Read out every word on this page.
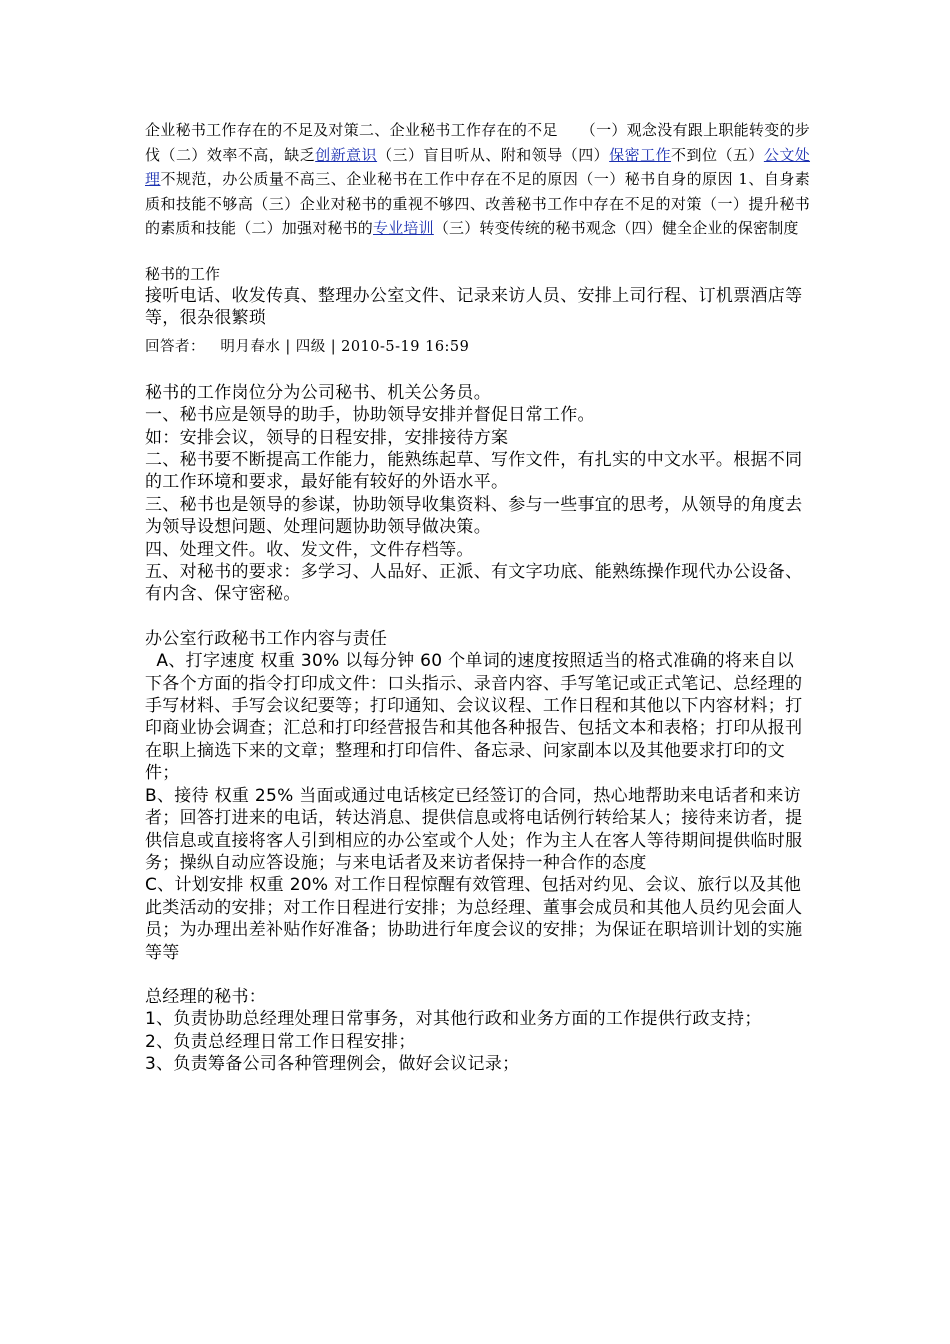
企业秘书工作存在的不足及对策二、企业秘书工作存在的不足　　（一）观念没有跟上职能转变的步伐（二）效率不高，缺乏创新意识（三）盲目听从、附和领导（四）保密工作不到位（五）公文处理不规范，办公质量不高三、企业秘书在工作中存在不足的原因（一）秘书自身的原因 1、自身素质和技能不够高（三）企业对秘书的重视不够四、改善秘书工作中存在不足的对策（一）提升秘书的素质和技能（二）加强对秘书的专业培训（三）转变传统的秘书观念（四）健全企业的保密制度

秘书的工作

接听电话、收发传真、整理办公室文件、记录来访人员、安排上司行程、订机票酒店等等，很杂很繁琐

回答者： 明月春水 | 四级 | 2010-5-19 16:59

秘书的工作岗位分为公司秘书、机关公务员。

一、秘书应是领导的助手，协助领导安排并督促日常工作。

如：安排会议，领导的日程安排，安排接待方案

二、秘书要不断提高工作能力，能熟练起草、写作文件，有扎实的中文水平。根据不同的工作环境和要求，最好能有较好的外语水平。

三、秘书也是领导的参谋，协助领导收集资料、参与一些事宜的思考，从领导的角度去为领导设想问题、处理问题协助领导做决策。

四、处理文件。收、发文件，文件存档等。

五、对秘书的要求：多学习、人品好、正派、有文字功底、能熟练操作现代办公设备、有内含、保守密秘。

办公室行政秘书工作内容与责任

A、打字速度 权重 30% 以每分钟 60 个单词的速度按照适当的格式准确的将来自以下各个方面的指令打印成文件：口头指示、录音内容、手写笔记或正式笔记、总经理的手写材料、手写会议纪要等；打印通知、会议议程、工作日程和其他以下内容材料；打印商业协会调查；汇总和打印经营报告和其他各种报告、包括文本和表格；打印从报刊在职上摘选下来的文章；整理和打印信件、备忘录、问家副本以及其他要求打印的文件；

B、接待 权重 25% 当面或通过电话核定已经签订的合同，热心地帮助来电话者和来访者；回答打进来的电话，转达消息、提供信息或将电话例行转给某人；接待来访者，提供信息或直接将客人引到相应的办公室或个人处；作为主人在客人等待期间提供临时服务；操纵自动应答设施；与来电话者及来访者保持一种合作的态度

C、计划安排 权重 20% 对工作日程惊醒有效管理、包括对约见、会议、旅行以及其他此类活动的安排；对工作日程进行安排；为总经理、董事会成员和其他人员约见会面人员；为办理出差补贴作好准备；协助进行年度会议的安排；为保证在职培训计划的实施等等

总经理的秘书：

1、负责协助总经理处理日常事务，对其他行政和业务方面的工作提供行政支持；

2、负责总经理日常工作日程安排；

3、负责筹备公司各种管理例会，做好会议记录；
